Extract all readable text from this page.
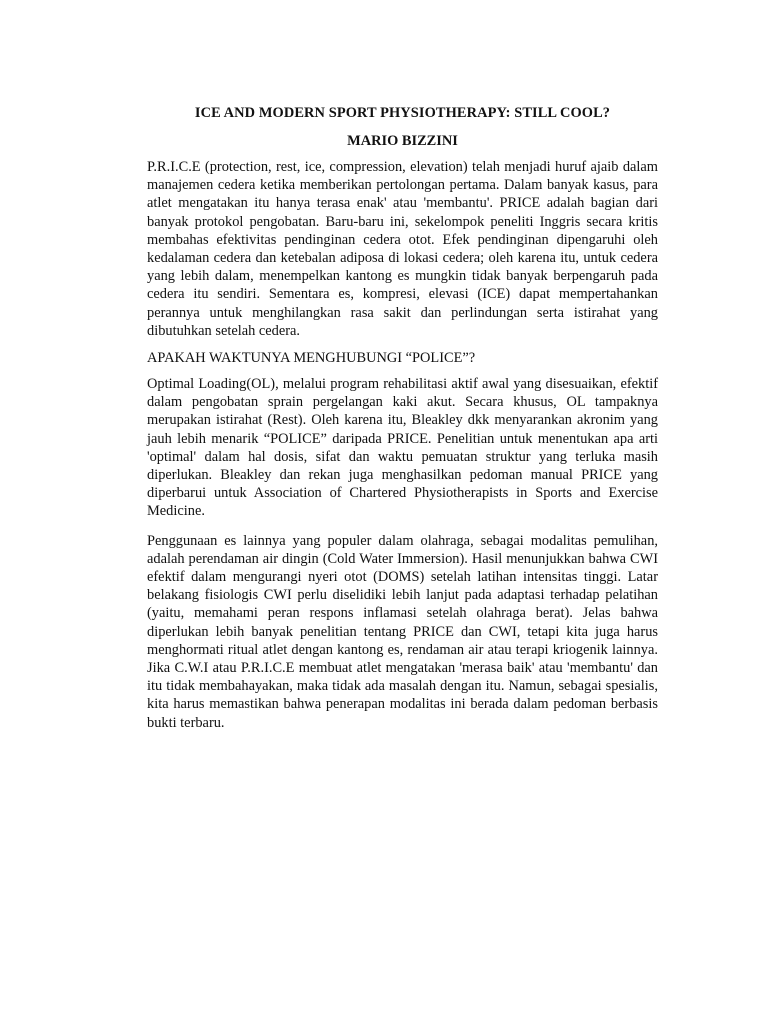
ICE AND MODERN SPORT PHYSIOTHERAPY: STILL COOL?

MARIO BIZZINI

P.R.I.C.E (protection, rest, ice, compression, elevation) telah menjadi huruf ajaib dalam manajemen cedera ketika memberikan pertolongan pertama. Dalam banyak kasus, para atlet mengatakan itu hanya terasa enak' atau 'membantu'. PRICE adalah bagian dari banyak protokol pengobatan. Baru-baru ini, sekelompok peneliti Inggris secara kritis membahas efektivitas pendinginan cedera otot. Efek pendinginan dipengaruhi oleh kedalaman cedera dan ketebalan adiposa di lokasi cedera; oleh karena itu, untuk cedera yang lebih dalam, menempelkan kantong es mungkin tidak banyak berpengaruh pada cedera itu sendiri. Sementara es, kompresi, elevasi (ICE) dapat mempertahankan perannya untuk menghilangkan rasa sakit dan perlindungan serta istirahat yang dibutuhkan setelah cedera.

APAKAH WAKTUNYA MENGHUBUNGI “POLICE”?

Optimal Loading(OL), melalui program rehabilitasi aktif awal yang disesuaikan, efektif dalam pengobatan sprain pergelangan kaki akut. Secara khusus, OL tampaknya merupakan istirahat (Rest). Oleh karena itu, Bleakley dkk menyarankan akronim yang jauh lebih menarik “POLICE” daripada PRICE. Penelitian untuk menentukan apa arti 'optimal' dalam hal dosis, sifat dan waktu pemuatan struktur yang terluka masih diperlukan. Bleakley dan rekan juga menghasilkan pedoman manual PRICE yang diperbarui untuk Association of Chartered Physiotherapists in Sports and Exercise Medicine.

Penggunaan es lainnya yang populer dalam olahraga, sebagai modalitas pemulihan, adalah perendaman air dingin (Cold Water Immersion). Hasil menunjukkan bahwa CWI efektif dalam mengurangi nyeri otot (DOMS) setelah latihan intensitas tinggi. Latar belakang fisiologis CWI perlu diselidiki lebih lanjut pada adaptasi terhadap pelatihan (yaitu, memahami peran respons inflamasi setelah olahraga berat). Jelas bahwa diperlukan lebih banyak penelitian tentang PRICE dan CWI, tetapi kita juga harus menghormati ritual atlet dengan kantong es, rendaman air atau terapi kriogenik lainnya. Jika C.W.I atau P.R.I.C.E membuat atlet mengatakan 'merasa baik' atau 'membantu' dan itu tidak membahayakan, maka tidak ada masalah dengan itu. Namun, sebagai spesialis, kita harus memastikan bahwa penerapan modalitas ini berada dalam pedoman berbasis bukti terbaru.
